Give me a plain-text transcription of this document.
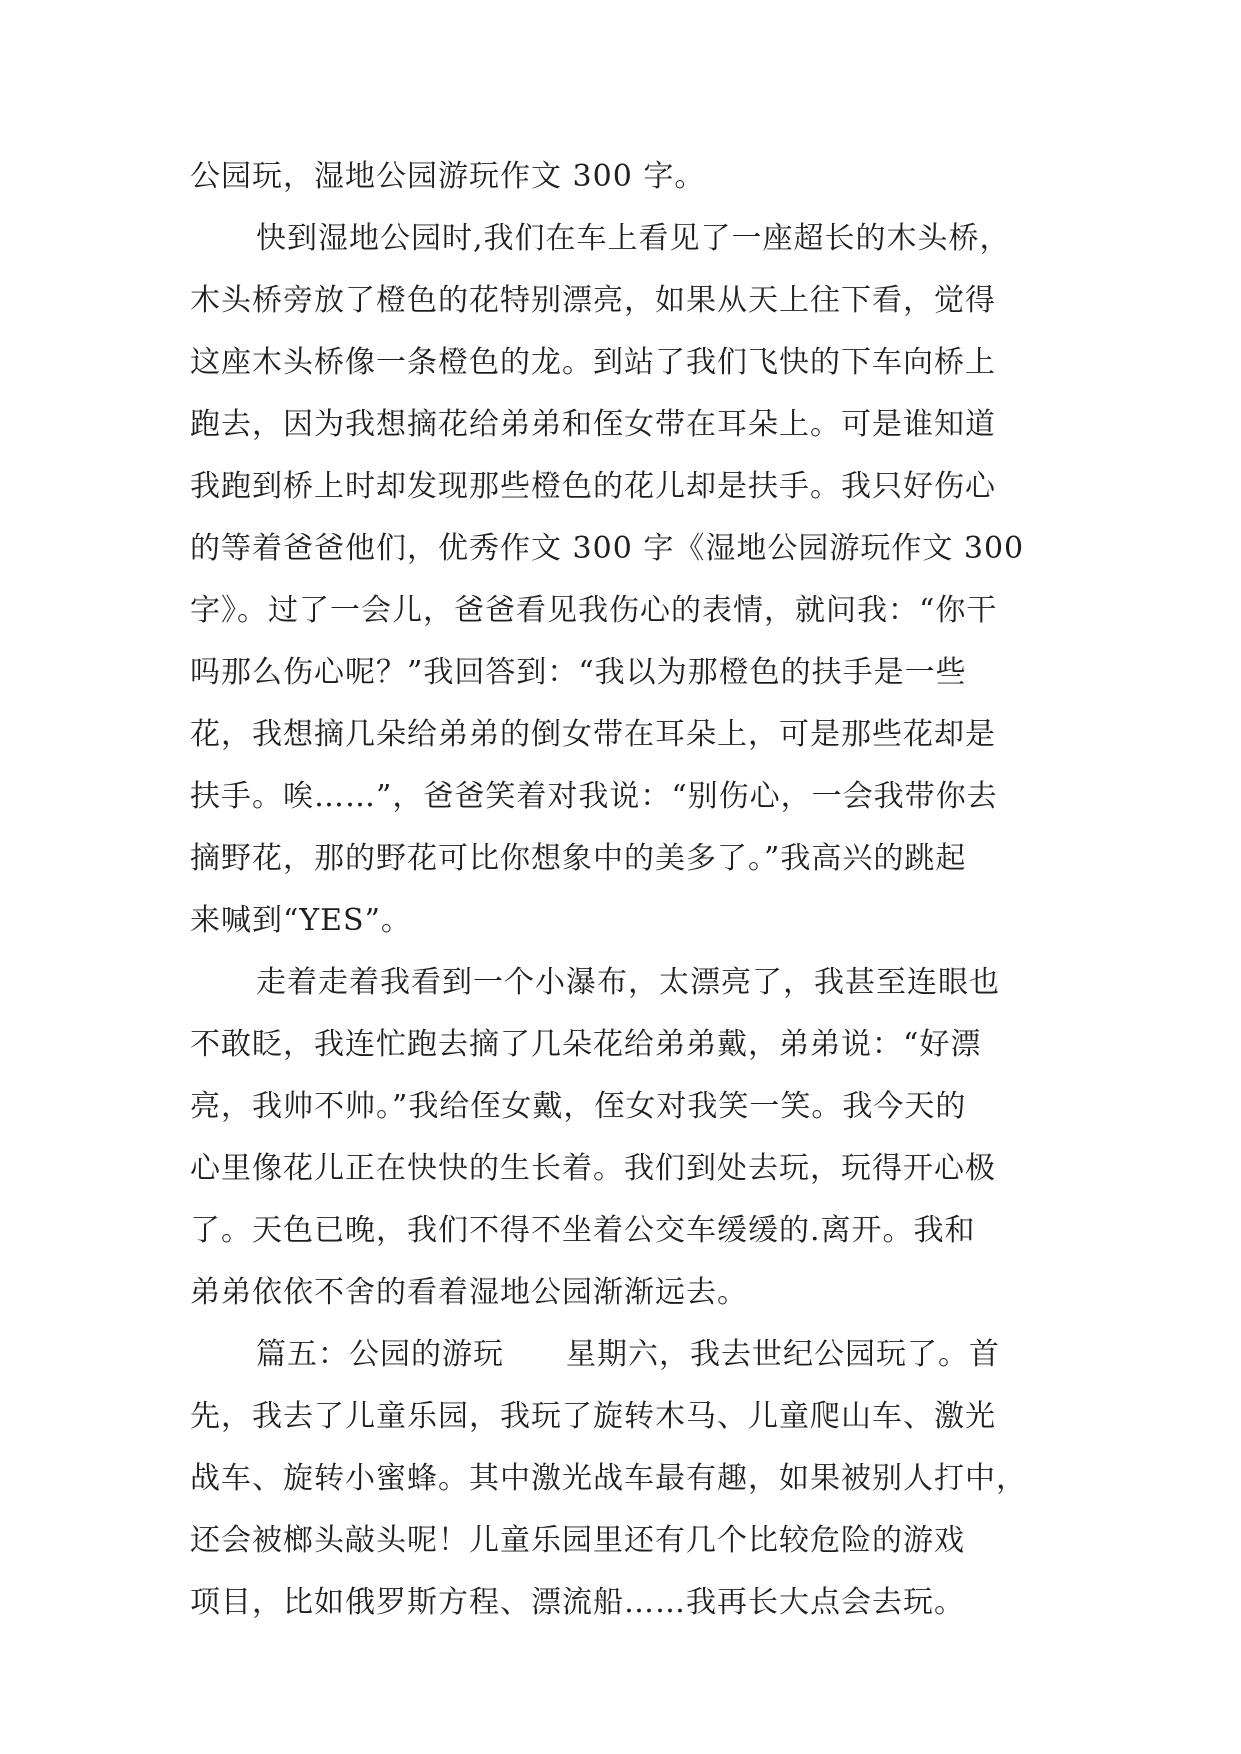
公园玩，湿地公园游玩作文 300 字。
快到湿地公园时,我们在车上看见了一座超长的木头桥，
木头桥旁放了橙色的花特别漂亮，如果从天上往下看，觉得
这座木头桥像一条橙色的龙。到站了我们飞快的下车向桥上
跑去，因为我想摘花给弟弟和侄女带在耳朵上。可是谁知道
我跑到桥上时却发现那些橙色的花儿却是扶手。我只好伤心
的等着爸爸他们，优秀作文 300 字《湿地公园游玩作文 300
字》。过了一会儿，爸爸看见我伤心的表情，就问我：“你干
吗那么伤心呢？”我回答到：“我以为那橙色的扶手是一些
花，我想摘几朵给弟弟的倒女带在耳朵上，可是那些花却是
扶手。唉……”，爸爸笑着对我说：“别伤心，一会我带你去
摘野花，那的野花可比你想象中的美多了。”我高兴的跳起
来喊到“YES”。
走着走着我看到一个小瀑布，太漂亮了，我甚至连眼也
不敢眨，我连忙跑去摘了几朵花给弟弟戴，弟弟说：“好漂
亮，我帅不帅。”我给侄女戴，侄女对我笑一笑。我今天的
心里像花儿正在快快的生长着。我们到处去玩，玩得开心极
了。天色已晚，我们不得不坐着公交车缓缓的.离开。我和
弟弟依依不舍的看着湿地公园渐渐远去。
篇五：公园的游玩　　星期六，我去世纪公园玩了。首
先，我去了儿童乐园，我玩了旋转木马、儿童爬山车、激光
战车、旋转小蜜蜂。其中激光战车最有趣，如果被别人打中，
还会被榔头敲头呢！儿童乐园里还有几个比较危险的游戏
项目，比如俄罗斯方程、漂流船……我再长大点会去玩。
